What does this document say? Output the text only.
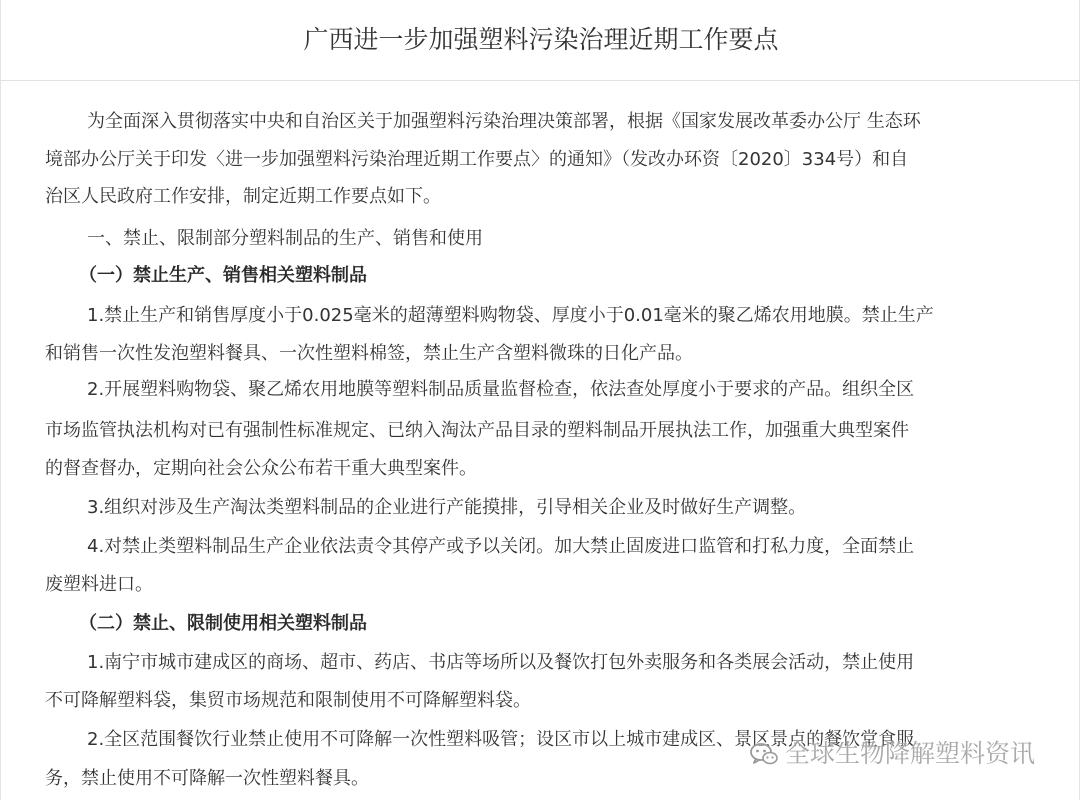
广西进一步加强塑料污染治理近期工作要点
为全面深入贯彻落实中央和自治区关于加强塑料污染治理决策部署，根据《国家发展改革委办公厅 生态环
境部办公厅关于印发〈进一步加强塑料污染治理近期工作要点〉的通知》（发改办环资〔2020〕334号）和自
治区人民政府工作安排，制定近期工作要点如下。
一、禁止、限制部分塑料制品的生产、销售和使用
（一）禁止生产、销售相关塑料制品
1.禁止生产和销售厚度小于0.025毫米的超薄塑料购物袋、厚度小于0.01毫米的聚乙烯农用地膜。禁止生产
和销售一次性发泡塑料餐具、一次性塑料棉签，禁止生产含塑料微珠的日化产品。
2.开展塑料购物袋、聚乙烯农用地膜等塑料制品质量监督检查，依法查处厚度小于要求的产品。组织全区
市场监管执法机构对已有强制性标准规定、已纳入淘汰产品目录的塑料制品开展执法工作，加强重大典型案件
的督查督办，定期向社会公众公布若干重大典型案件。
3.组织对涉及生产淘汰类塑料制品的企业进行产能摸排，引导相关企业及时做好生产调整。
4.对禁止类塑料制品生产企业依法责令其停产或予以关闭。加大禁止固废进口监管和打私力度，全面禁止
废塑料进口。
（二）禁止、限制使用相关塑料制品
1.南宁市城市建成区的商场、超市、药店、书店等场所以及餐饮打包外卖服务和各类展会活动，禁止使用
不可降解塑料袋，集贸市场规范和限制使用不可降解塑料袋。
2.全区范围餐饮行业禁止使用不可降解一次性塑料吸管；设区市以上城市建成区、景区景点的餐饮堂食服
务，禁止使用不可降解一次性塑料餐具。
全球生物降解塑料资讯
